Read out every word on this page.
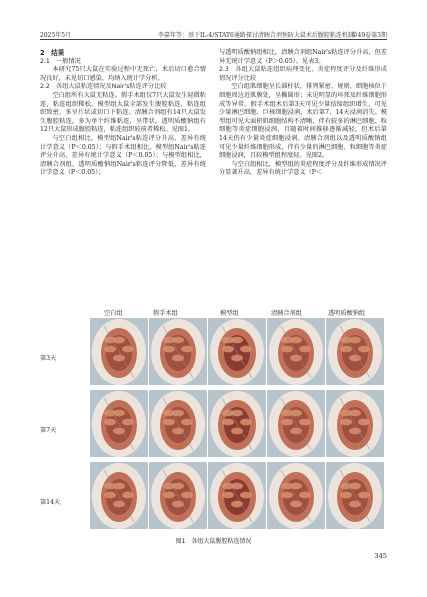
2025年5月	李嘉年等：基于IL-4/STAT6通路探讨清胰合剂预防大鼠术后腹腔粘连机制
第49卷第3期

2　结果

2.1　一般情况

本研究75只大鼠在实验过程中无死亡，术后切口愈合情况良好，未见切口感染，均纳入统计学分析。

2.2　各组大鼠粘连情况及Nair's粘连评分比较

空白组所有大鼠无粘连。假手术组仅7只大鼠发生轻微粘连，粘连组织稀松。模型组大鼠全部发生腹腔粘连，粘连组织致密，多呈片状或切口下粘连。清胰合剂组有14只大鼠发生腹腔粘连，多为单个纤维粘连，呈带状。透明质酸钠组有12只大鼠形成腹腔粘连，粘连组织较前者稀松。见图1。

与空白组相比，模型组Nair's粘连评分升高，差异有统计学意义（P＜0.05）；与假手术组相比，模型组Nair's粘连评分升高，差异有统计学意义（P＜0.05）；与模型组相比，清胰合剂组、透明质酸钠组Nair's粘连评分降低，差异有统计学意义（P＜0.05）；

与透明质酸钠组相比，清胰合剂组Nair's粘连评分升高，但差异无统计学意义（P＞0.05）。见表3。

2.3　各组大鼠粘连组织病理变化、炎症程度评分及纤维形成情况评分比较

空白组肌细胞呈长圆柱状，排列紧密、规则，细胞核位于细胞周边近肌膜处，呈椭圆形；未见明显的坏死及纤维细胞形成等异常。假手术组术后第3天可见少量结缔组织增生，可见少量淋巴细胞、巨核细胞浸润，术后第7、14天浸润消失。模型组可见大面积肌细胞结构不清晰，伴有较多的淋巴细胞、粒细胞等炎症细胞浸润，且随着时间推移逐渐减轻，但术后第14天仍有少量炎症细胞浸润。清胰合剂组以及透明质酸钠组可见少量纤维细胞形成，伴有少量的淋巴细胞、粒细胞等炎症细胞浸润，且较模型组程度轻。见图2。

与空白组相比，模型组的炎症程度评分及纤维形成情况评分显著升高，差异有统计学意义（P＜

空白组	假手术组	模型组	清胰合剂组	透明质酸钠组
第3天
第7天
第14天
图1　各组大鼠腹腔粘连情况
345
